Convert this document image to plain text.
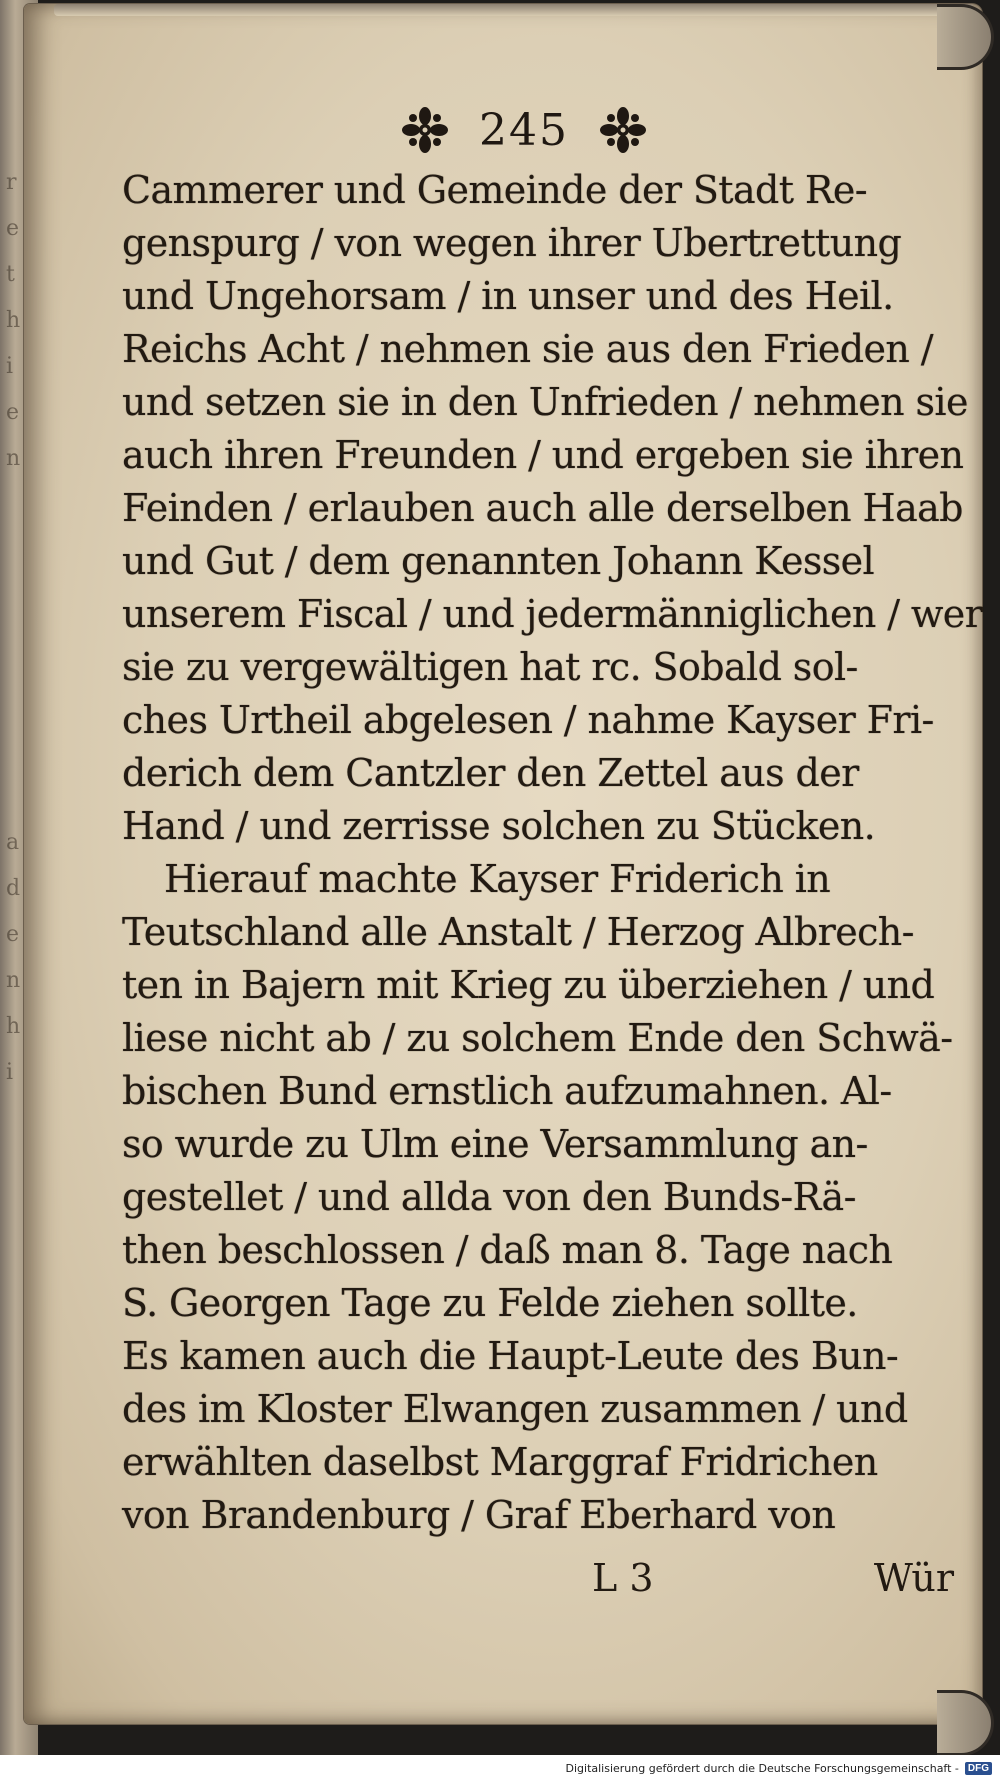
r
e
t
h
i
e
n
a
d
e
n
h
i
245
Cammerer und Gemeinde der Stadt Re-
genspurg / von wegen ihrer Ubertrettung
und Ungehorsam / in unser und des Heil.
Reichs Acht / nehmen sie aus den Frieden /
und setzen sie in den Unfrieden / nehmen sie
auch ihren Freunden / und ergeben sie ihren
Feinden / erlauben auch alle derselben Haab
und Gut / dem genannten Johann Kessel
unserem Fiscal / und jedermänniglichen / wer
sie zu vergewältigen hat rc. Sobald sol-
ches Urtheil abgelesen / nahme Kayser Fri-
derich dem Cantzler den Zettel aus der
Hand / und zerrisse solchen zu Stücken.
Hierauf machte Kayser Friderich in
Teutschland alle Anstalt / Herzog Albrech-
ten in Bajern mit Krieg zu überziehen / und
liese nicht ab / zu solchem Ende den Schwä-
bischen Bund ernstlich aufzumahnen. Al-
so wurde zu Ulm eine Versammlung an-
gestellet / und allda von den Bunds-Rä-
then beschlossen / daß man 8. Tage nach
S. Georgen Tage zu Felde ziehen sollte.
Es kamen auch die Haupt-Leute des Bun-
des im Kloster Elwangen zusammen / und
erwählten daselbst Marggraf Fridrichen
von Brandenburg / Graf Eberhard von
L 3	Wür
Digitalisierung gefördert durch die Deutsche Forschungsgemeinschaft - DFG
